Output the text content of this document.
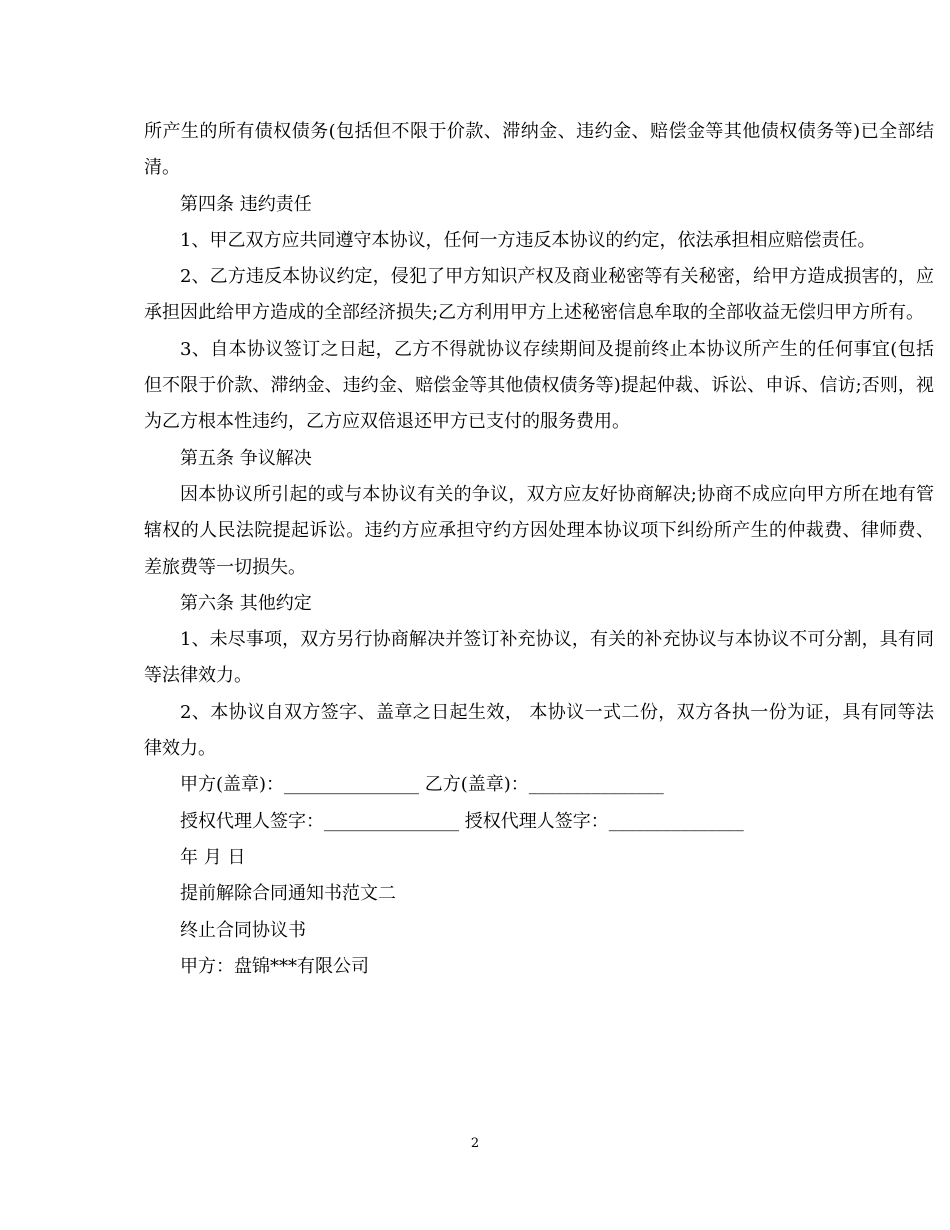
所产生的所有债权债务(包括但不限于价款、滞纳金、违约金、赔偿金等其他债权债务等)已全部结清。

第四条 违约责任

1、甲乙双方应共同遵守本协议，任何一方违反本协议的约定，依法承担相应赔偿责任。

2、乙方违反本协议约定，侵犯了甲方知识产权及商业秘密等有关秘密，给甲方造成损害的，应承担因此给甲方造成的全部经济损失;乙方利用甲方上述秘密信息牟取的全部收益无偿归甲方所有。

3、自本协议签订之日起，乙方不得就协议存续期间及提前终止本协议所产生的任何事宜(包括但不限于价款、滞纳金、违约金、赔偿金等其他债权债务等)提起仲裁、诉讼、申诉、信访;否则，视为乙方根本性违约，乙方应双倍退还甲方已支付的服务费用。

第五条 争议解决

因本协议所引起的或与本协议有关的争议，双方应友好协商解决;协商不成应向甲方所在地有管辖权的人民法院提起诉讼。违约方应承担守约方因处理本协议项下纠纷所产生的仲裁费、律师费、差旅费等一切损失。

第六条 其他约定

1、未尽事项，双方另行协商解决并签订补充协议，有关的补充协议与本协议不可分割，具有同等法律效力。

2、本协议自双方签字、盖章之日起生效， 本协议一式二份，双方各执一份为证，具有同等法律效力。

甲方(盖章)：_______________ 乙方(盖章)：_______________

授权代理人签字：_______________ 授权代理人签字：_______________

年 月 日

提前解除合同通知书范文二

终止合同协议书

甲方：盘锦***有限公司

2
